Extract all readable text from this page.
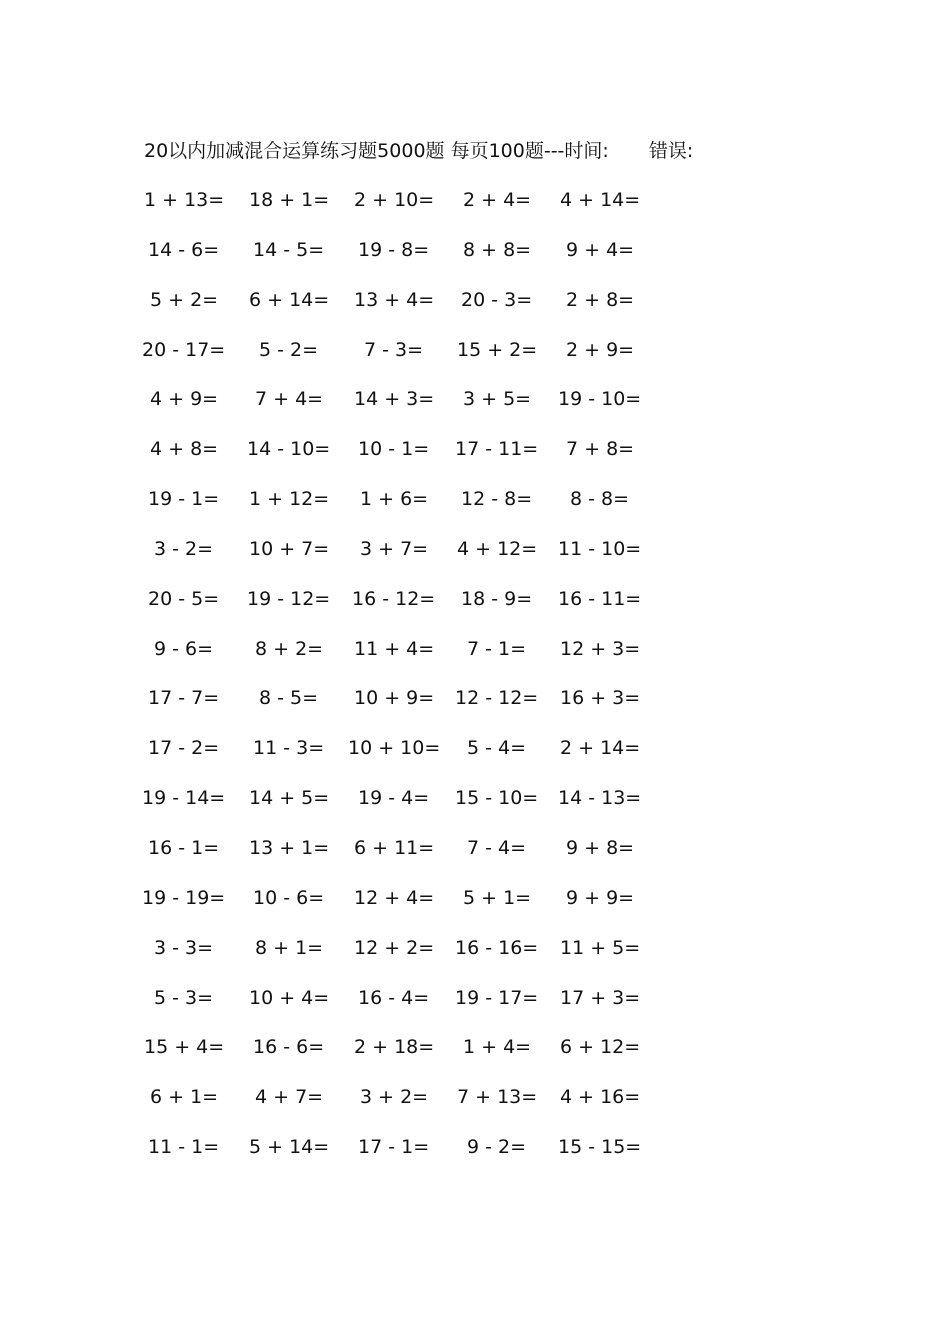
20以内加减混合运算练习题5000题 每页100题---时间: 错误:
1 + 13= 18 + 1= 2 + 10= 2 + 4= 4 + 14=
14 - 6= 14 - 5= 19 - 8= 8 + 8= 9 + 4=
5 + 2= 6 + 14= 13 + 4= 20 - 3= 2 + 8=
20 - 17= 5 - 2= 7 - 3= 15 + 2= 2 + 9=
4 + 9= 7 + 4= 14 + 3= 3 + 5= 19 - 10=
4 + 8= 14 - 10= 10 - 1= 17 - 11= 7 + 8=
19 - 1= 1 + 12= 1 + 6= 12 - 8= 8 - 8=
3 - 2= 10 + 7= 3 + 7= 4 + 12= 11 - 10=
20 - 5= 19 - 12= 16 - 12= 18 - 9= 16 - 11=
9 - 6= 8 + 2= 11 + 4= 7 - 1= 12 + 3=
17 - 7= 8 - 5= 10 + 9= 12 - 12= 16 + 3=
17 - 2= 11 - 3= 10 + 10= 5 - 4= 2 + 14=
19 - 14= 14 + 5= 19 - 4= 15 - 10= 14 - 13=
16 - 1= 13 + 1= 6 + 11= 7 - 4= 9 + 8=
19 - 19= 10 - 6= 12 + 4= 5 + 1= 9 + 9=
3 - 3= 8 + 1= 12 + 2= 16 - 16= 11 + 5=
5 - 3= 10 + 4= 16 - 4= 19 - 17= 17 + 3=
15 + 4= 16 - 6= 2 + 18= 1 + 4= 6 + 12=
6 + 1= 4 + 7= 3 + 2= 7 + 13= 4 + 16=
11 - 1= 5 + 14= 17 - 1= 9 - 2= 15 - 15=
